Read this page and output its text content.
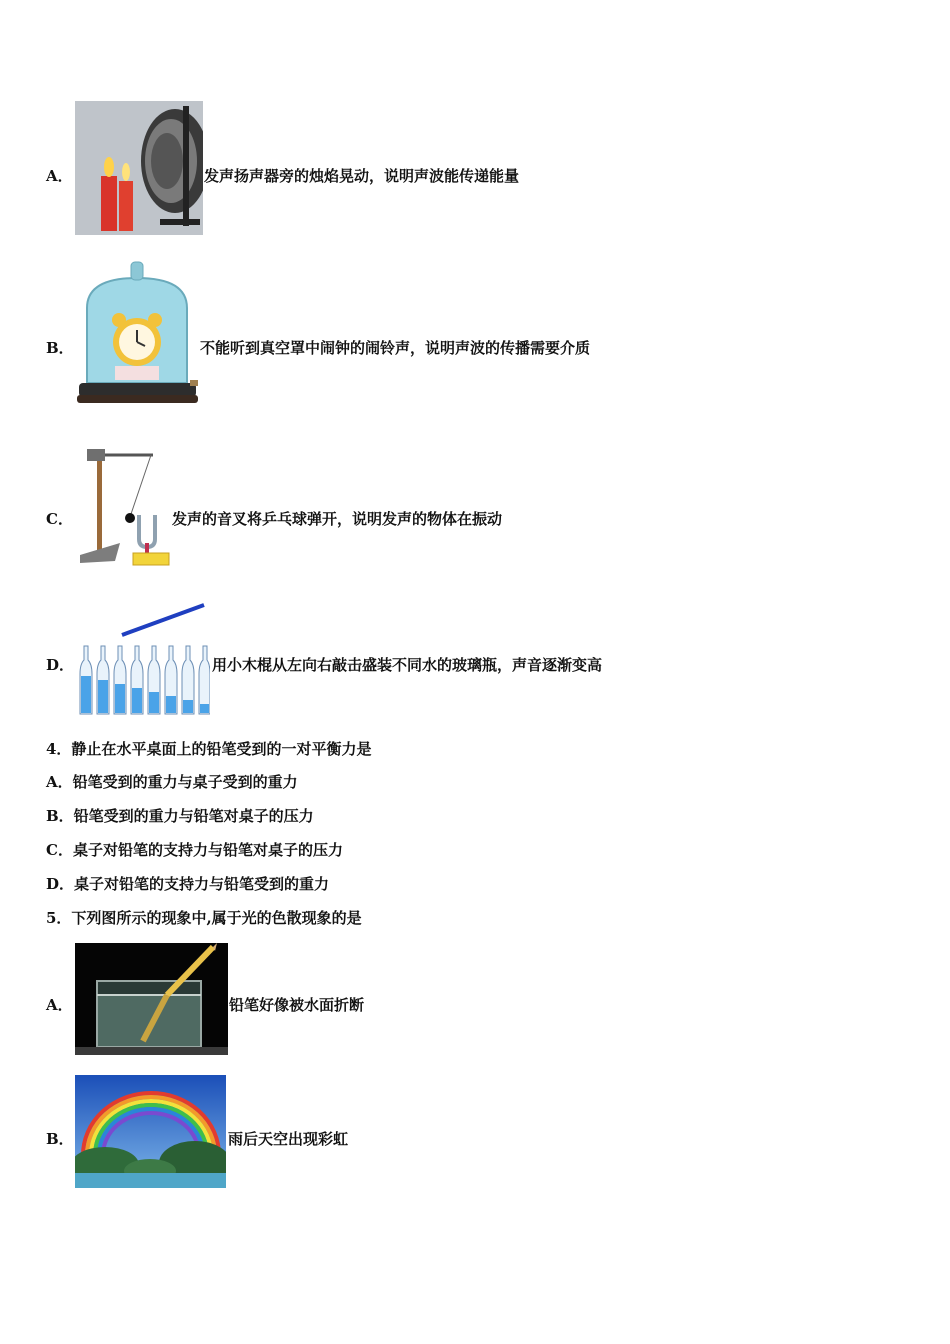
A．	发声扬声器旁的烛焰晃动，说明声波能传递能量
B．	不能听到真空罩中闹钟的闹铃声，说明声波的传播需要介质
C．	发声的音叉将乒乓球弹开，说明发声的物体在振动
D．	用小木棍从左向右敲击盛装不同水的玻璃瓶，声音逐渐变高
4．静止在水平桌面上的铅笔受到的一对平衡力是
A．铅笔受到的重力与桌子受到的重力
B．铅笔受到的重力与铅笔对桌子的压力
C．桌子对铅笔的支持力与铅笔对桌子的压力
D．桌子对铅笔的支持力与铅笔受到的重力
5．下列图所示的现象中,属于光的色散现象的是
A．	铅笔好像被水面折断
B．	雨后天空出现彩虹
